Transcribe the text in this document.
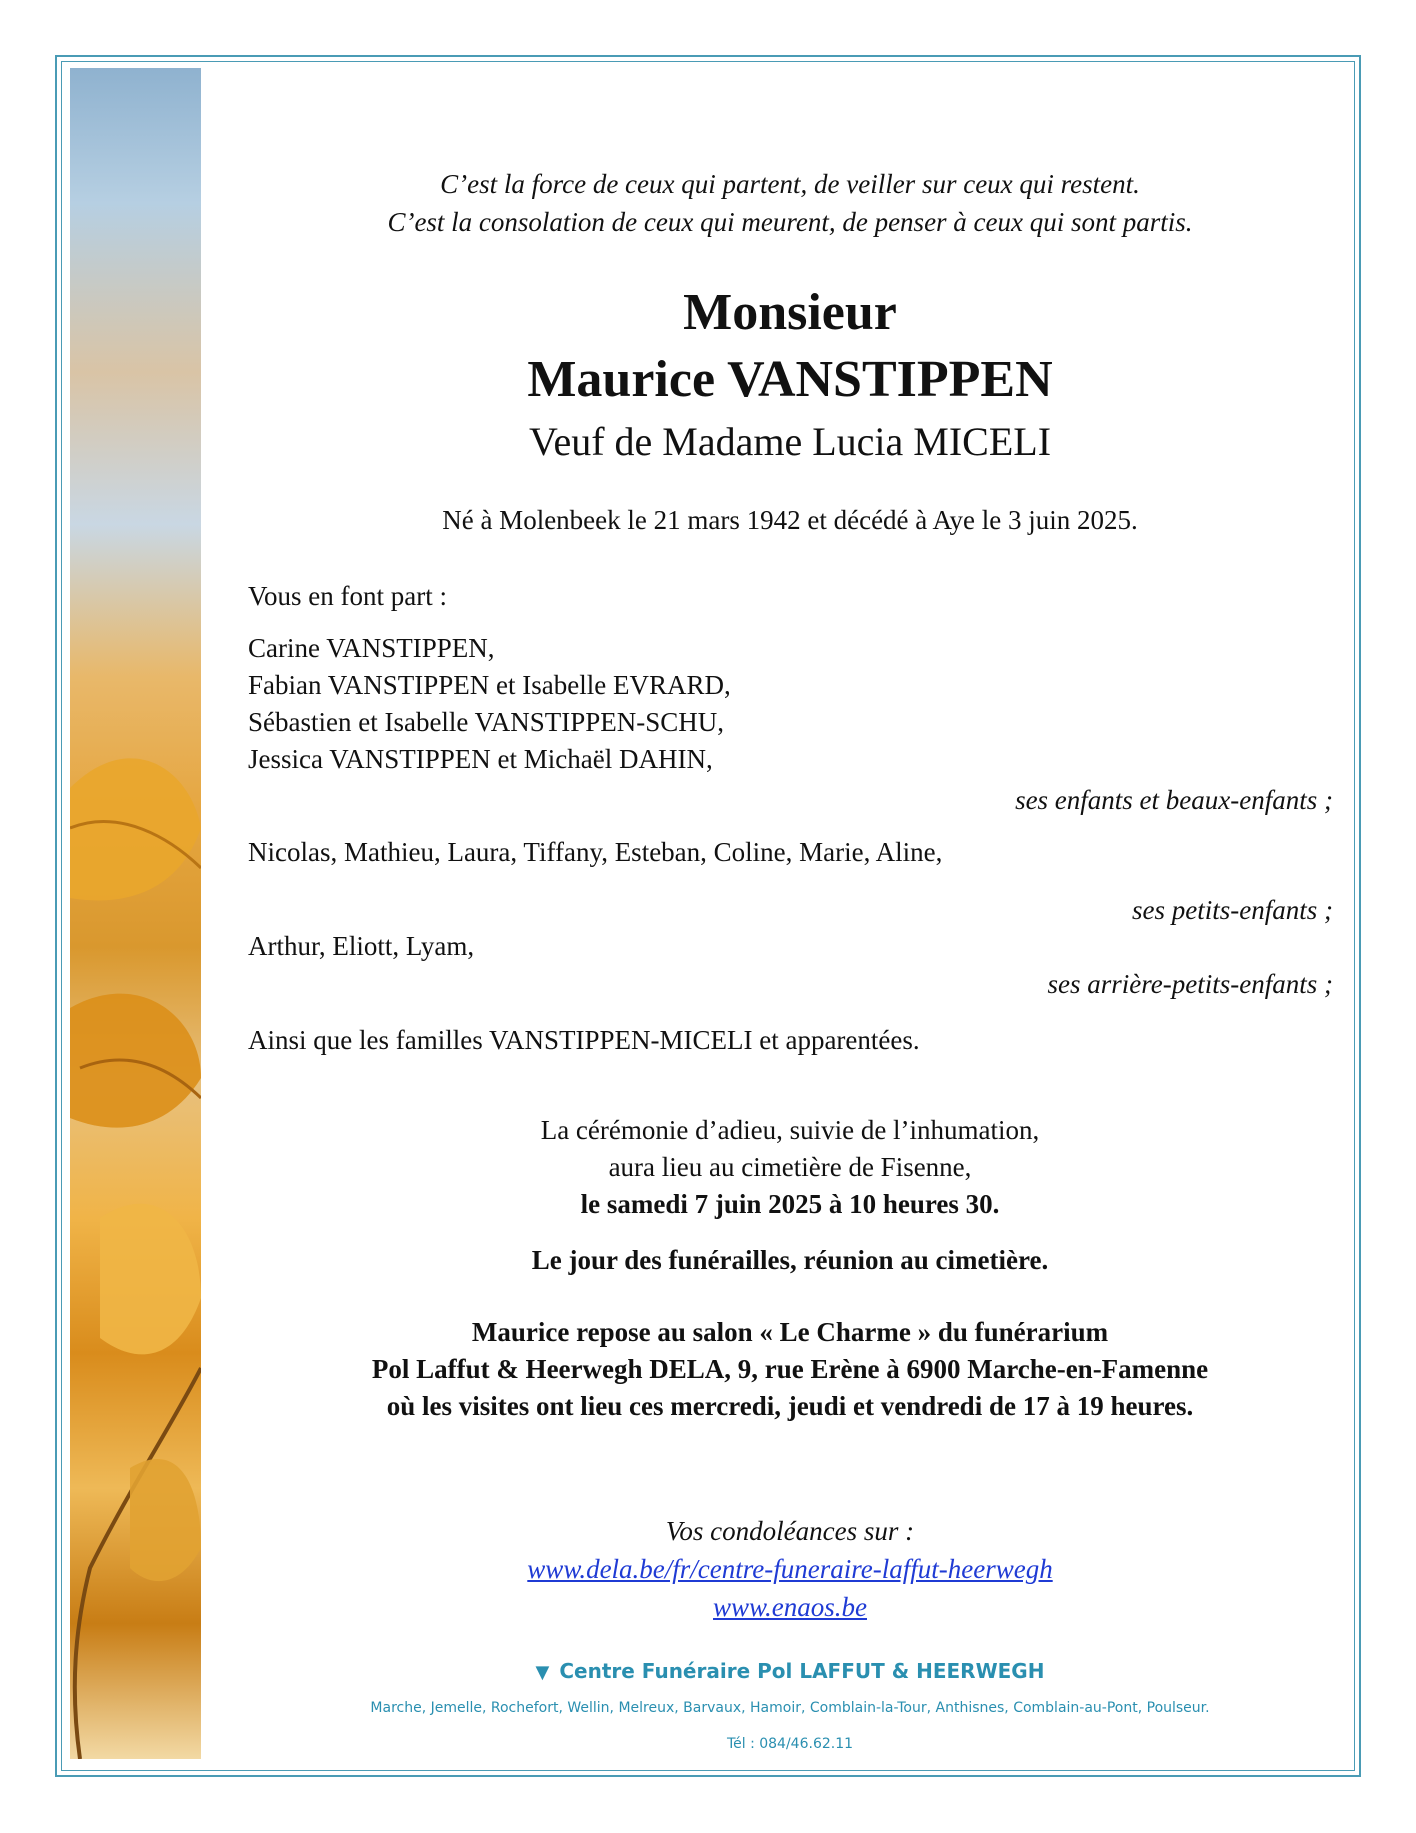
C’est la force de ceux qui partent, de veiller sur ceux qui restent.
C’est la consolation de ceux qui meurent, de penser à ceux qui sont partis.
Monsieur
Maurice VANSTIPPEN
Veuf de Madame Lucia MICELI
Né à Molenbeek le 21 mars 1942 et décédé à Aye le 3 juin 2025.
Vous en font part :
Carine VANSTIPPEN,
Fabian VANSTIPPEN et Isabelle EVRARD,
Sébastien et Isabelle VANSTIPPEN-SCHU,
Jessica VANSTIPPEN et Michaël DAHIN,
ses enfants et beaux-enfants ;
Nicolas, Mathieu, Laura, Tiffany, Esteban, Coline, Marie, Aline,
ses petits-enfants ;
Arthur, Eliott, Lyam,
ses arrière-petits-enfants ;
Ainsi que les familles VANSTIPPEN-MICELI et apparentées.
La cérémonie d’adieu, suivie de l’inhumation,
aura lieu au cimetière de Fisenne,
le samedi 7 juin 2025 à 10 heures 30.
Le jour des funérailles, réunion au cimetière.
Maurice repose au salon « Le Charme » du funérarium
Pol Laffut & Heerwegh DELA, 9, rue Erène à 6900 Marche-en-Famenne
où les visites ont lieu ces mercredi, jeudi et vendredi de 17 à 19 heures.
Vos condoléances sur :
www.dela.be/fr/centre-funeraire-laffut-heerwegh
www.enaos.be
▼ Centre Funéraire Pol LAFFUT & HEERWEGH
Marche, Jemelle, Rochefort, Wellin, Melreux, Barvaux, Hamoir, Comblain-la-Tour, Anthisnes, Comblain-au-Pont, Poulseur.
Tél : 084/46.62.11
